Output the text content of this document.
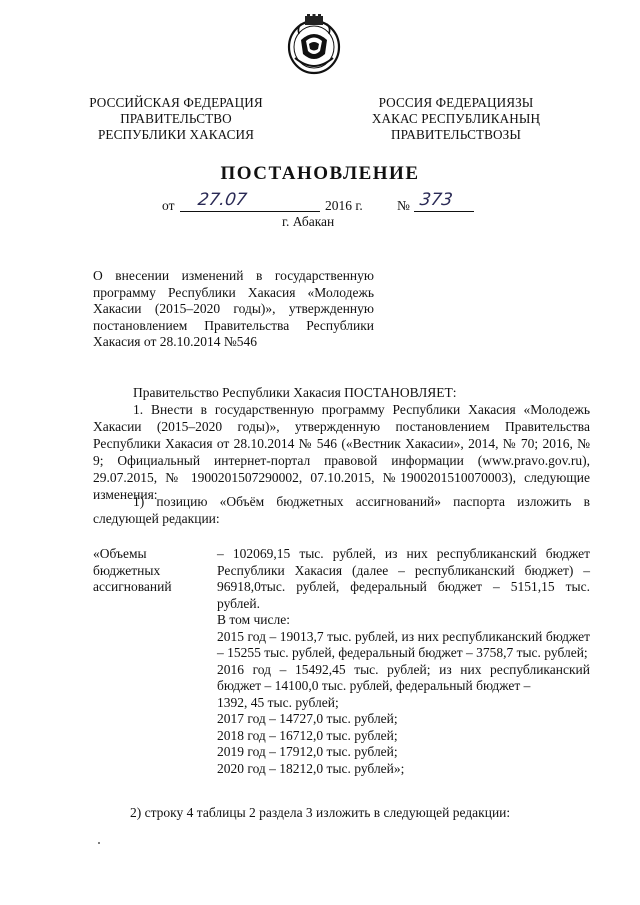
РОССИЙСКАЯ ФЕДЕРАЦИЯ
ПРАВИТЕЛЬСТВО
РЕСПУБЛИКИ ХАКАСИЯ
РОССИЯ ФЕДЕРАЦИЯЗЫ
ХАКАС РЕСПУБЛИКАНЫҢ
ПРАВИТЕЛЬСТВОЗЫ
ПОСТАНОВЛЕНИЕ
от 27.07	2016 г.	№ 373
г. Абакан
О внесении изменений в государственную программу Республики Хакасия «Молодежь Хакасии (2015–2020 годы)», утвержденную постановлением Правительства Республики Хакасия от 28.10.2014 №546
Правительство Республики Хакасия ПОСТАНОВЛЯЕТ:
1. Внести в государственную программу Республики Хакасия «Молодежь Хакасии (2015–2020 годы)», утвержденную постановлением Правительства Республики Хакасия от 28.10.2014 № 546 («Вестник Хакасии», 2014, № 70; 2016, № 9; Официальный интернет-портал правовой информации (www.pravo.gov.ru), 29.07.2015, № 1900201507290002, 07.10.2015, №1900201510070003), следующие изменения:
1) позицию «Объём бюджетных ассигнований» паспорта изложить в следующей редакции:
«Объемы
бюджетных
ассигнований
– 102069,15 тыс. рублей, из них республиканский бюджет Республики Хакасия (далее – республиканский бюджет) – 96918,0тыс. рублей, федеральный бюджет – 5151,15 тыс. рублей.
В том числе:
2015 год – 19013,7 тыс. рублей, из них республиканский бюджет – 15255 тыс. рублей, федеральный бюджет – 3758,7 тыс. рублей;
2016 год – 15492,45 тыс. рублей; из них республиканский бюджет – 14100,0 тыс. рублей, федеральный бюджет –
1392, 45 тыс. рублей;
2017 год – 14727,0 тыс. рублей;
2018 год – 16712,0 тыс. рублей;
2019 год – 17912,0 тыс. рублей;
2020 год – 18212,0 тыс. рублей»;
2) строку 4 таблицы 2 раздела 3 изложить в следующей редакции:
